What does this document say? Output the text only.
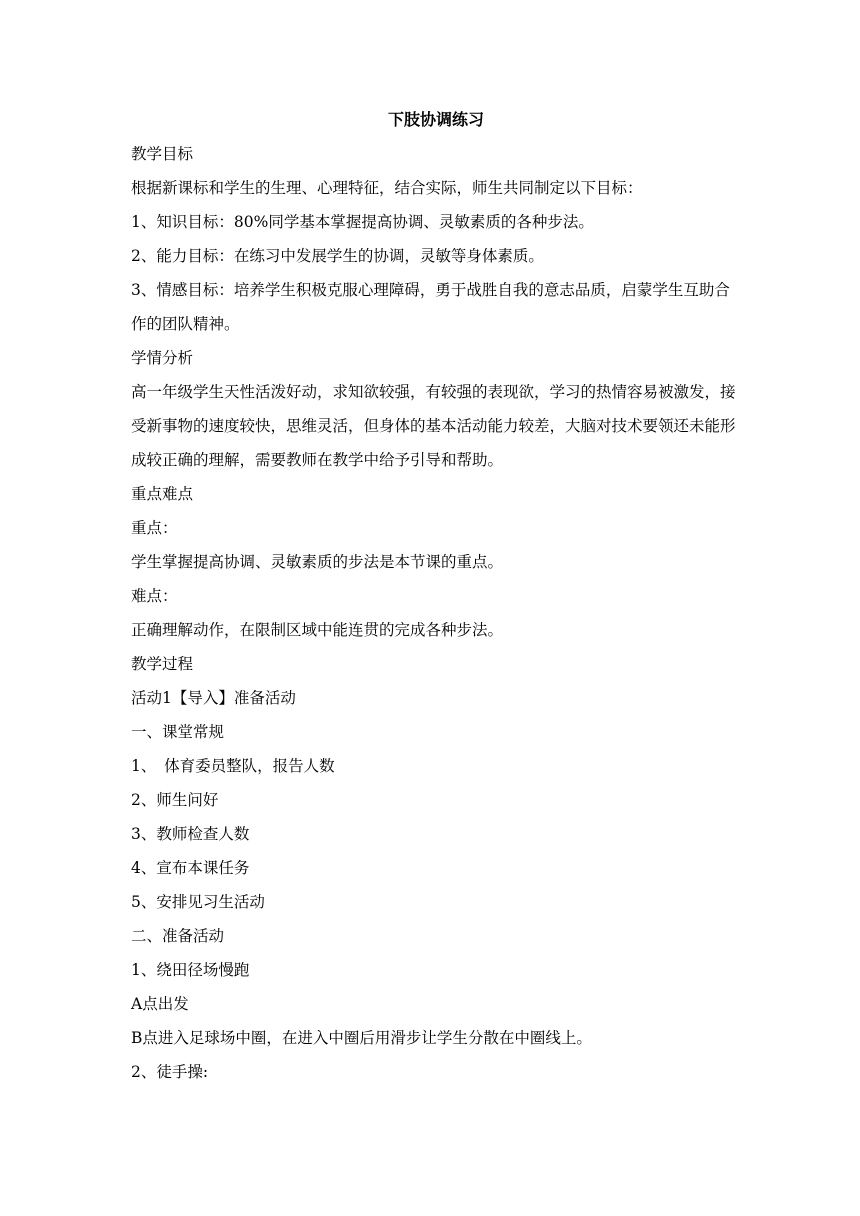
下肢协调练习
教学目标
根据新课标和学生的生理、心理特征，结合实际，师生共同制定以下目标：
1、知识目标：80%同学基本掌握提高协调、灵敏素质的各种步法。
2、能力目标：在练习中发展学生的协调，灵敏等身体素质。
3、情感目标：培养学生积极克服心理障碍，勇于战胜自我的意志品质，启蒙学生互助合作的团队精神。
学情分析
高一年级学生天性活泼好动，求知欲较强，有较强的表现欲，学习的热情容易被激发，接受新事物的速度较快，思维灵活，但身体的基本活动能力较差，大脑对技术要领还未能形成较正确的理解，需要教师在教学中给予引导和帮助。
重点难点
重点：
学生掌握提高协调、灵敏素质的步法是本节课的重点。
难点：
正确理解动作，在限制区域中能连贯的完成各种步法。
教学过程
活动1【导入】准备活动
一、课堂常规
1、　体育委员整队，报告人数
2、师生问好
3、教师检查人数
4、宣布本课任务
5、安排见习生活动
二、准备活动
1、绕田径场慢跑
A点出发
B点进入足球场中圈，在进入中圈后用滑步让学生分散在中圈线上。
2、徒手操:
